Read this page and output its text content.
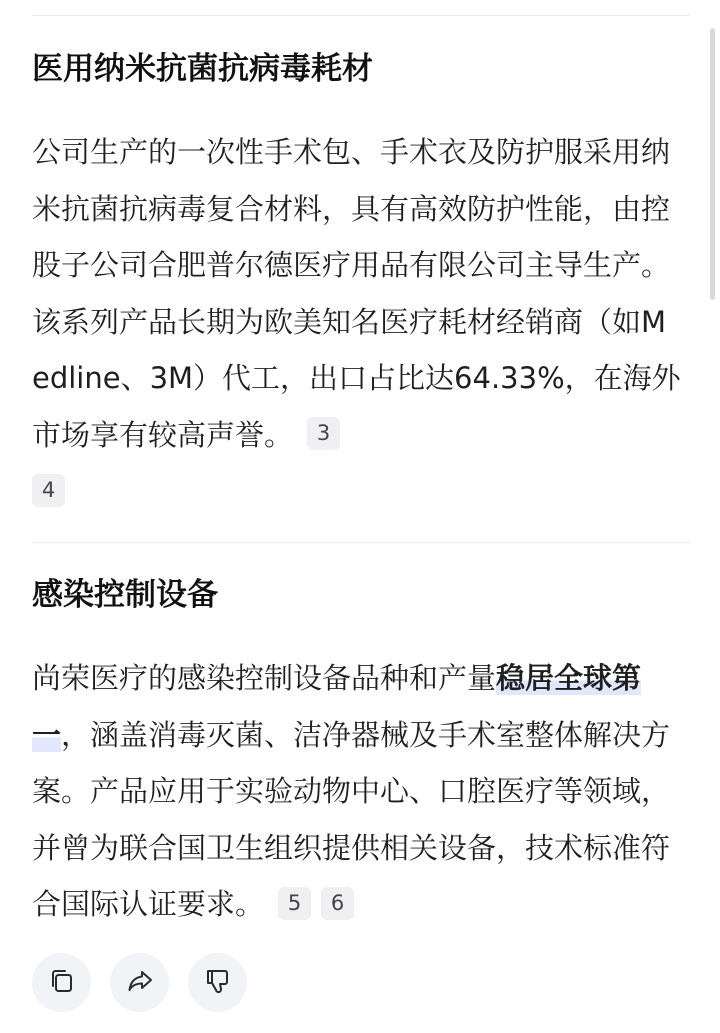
医用纳米抗菌抗病毒耗材

公司生产的一次性手术包、手术衣及防护服采用纳米抗菌抗病毒复合材料，具有高效防护性能，由控股子公司合肥普尔德医疗用品有限公司主导生产。该系列产品长期为欧美知名医疗耗材经销商（如Medline、3M）代工，出口占比达64.33%，在海外市场享有较高声誉。 3
4

感染控制设备

尚荣医疗的感染控制设备品种和产量稳居全球第一，涵盖消毒灭菌、洁净器械及手术室整体解决方案。产品应用于实验动物中心、口腔医疗等领域，并曾为联合国卫生组织提供相关设备，技术标准符合国际认证要求。 5 6
